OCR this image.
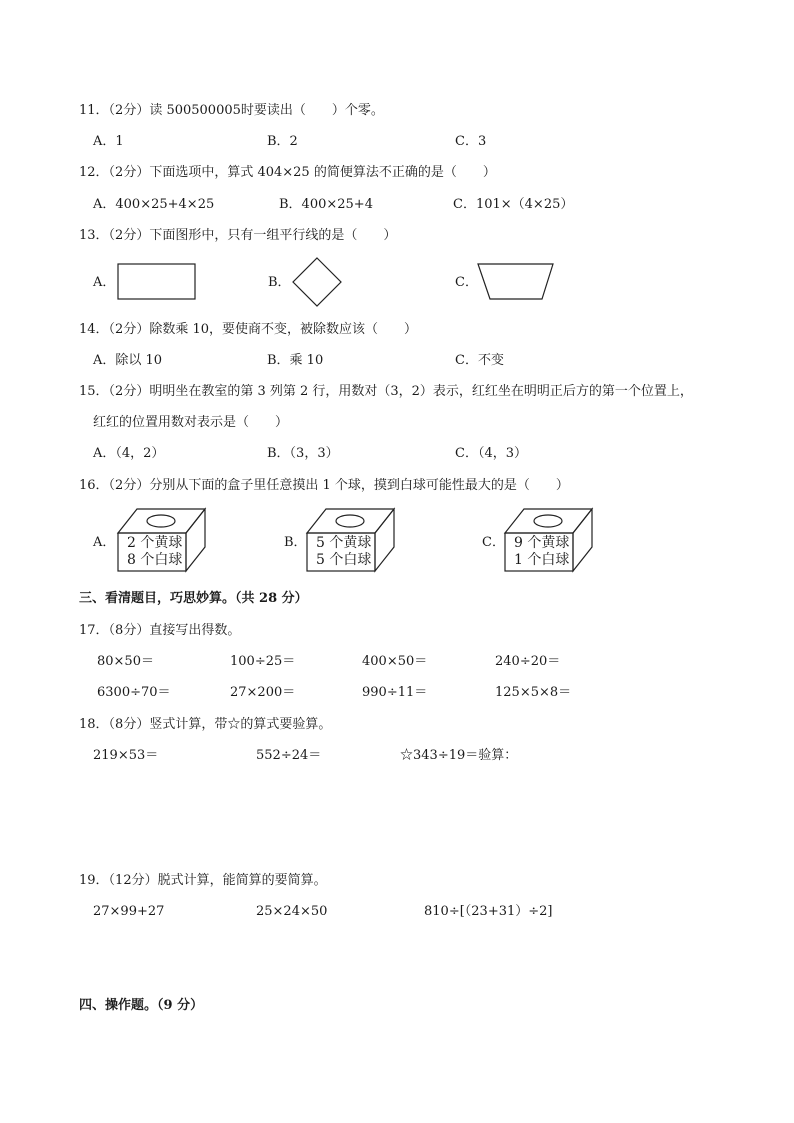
11．（2分）读 500500005时要读出（　　）个零。
A．1	B．2	C．3
12．（2分）下面选项中，算式 404×25 的简便算法不正确的是（　　）
A．400×25+4×25	B．400×25+4	C．101×（4×25）
13．（2分）下面图形中，只有一组平行线的是（　　）
A．	B．	C．
14．（2分）除数乘 10，要使商不变，被除数应该（　　）
A．除以 10	B．乘 10	C．不变
15．（2分）明明坐在教室的第 3 列第 2 行，用数对（3，2）表示，红红坐在明明正后方的第一个位置上，
红红的位置用数对表示是（　　）
A．（4，2）	B．（3，3）	C．（4，3）
16．（2分）分别从下面的盒子里任意摸出 1 个球，摸到白球可能性最大的是（　　）
A． 2 个黄球
8 个白球
B． 5 个黄球
5 个白球
C． 9 个黄球
1 个白球
三、看清题目，巧思妙算。（共 28 分）
17．（8分）直接写出得数。
80×50＝	100÷25＝	400×50＝	240÷20＝
6300÷70＝	27×200＝	990÷11＝	125×5×8＝
18．（8分）竖式计算，带☆的算式要验算。
219×53＝	552÷24＝	☆343÷19＝验算：
19．（12分）脱式计算，能简算的要简算。
27×99+27	25×24×50	810÷[（23+31）÷2]
四、操作题。（9 分）
